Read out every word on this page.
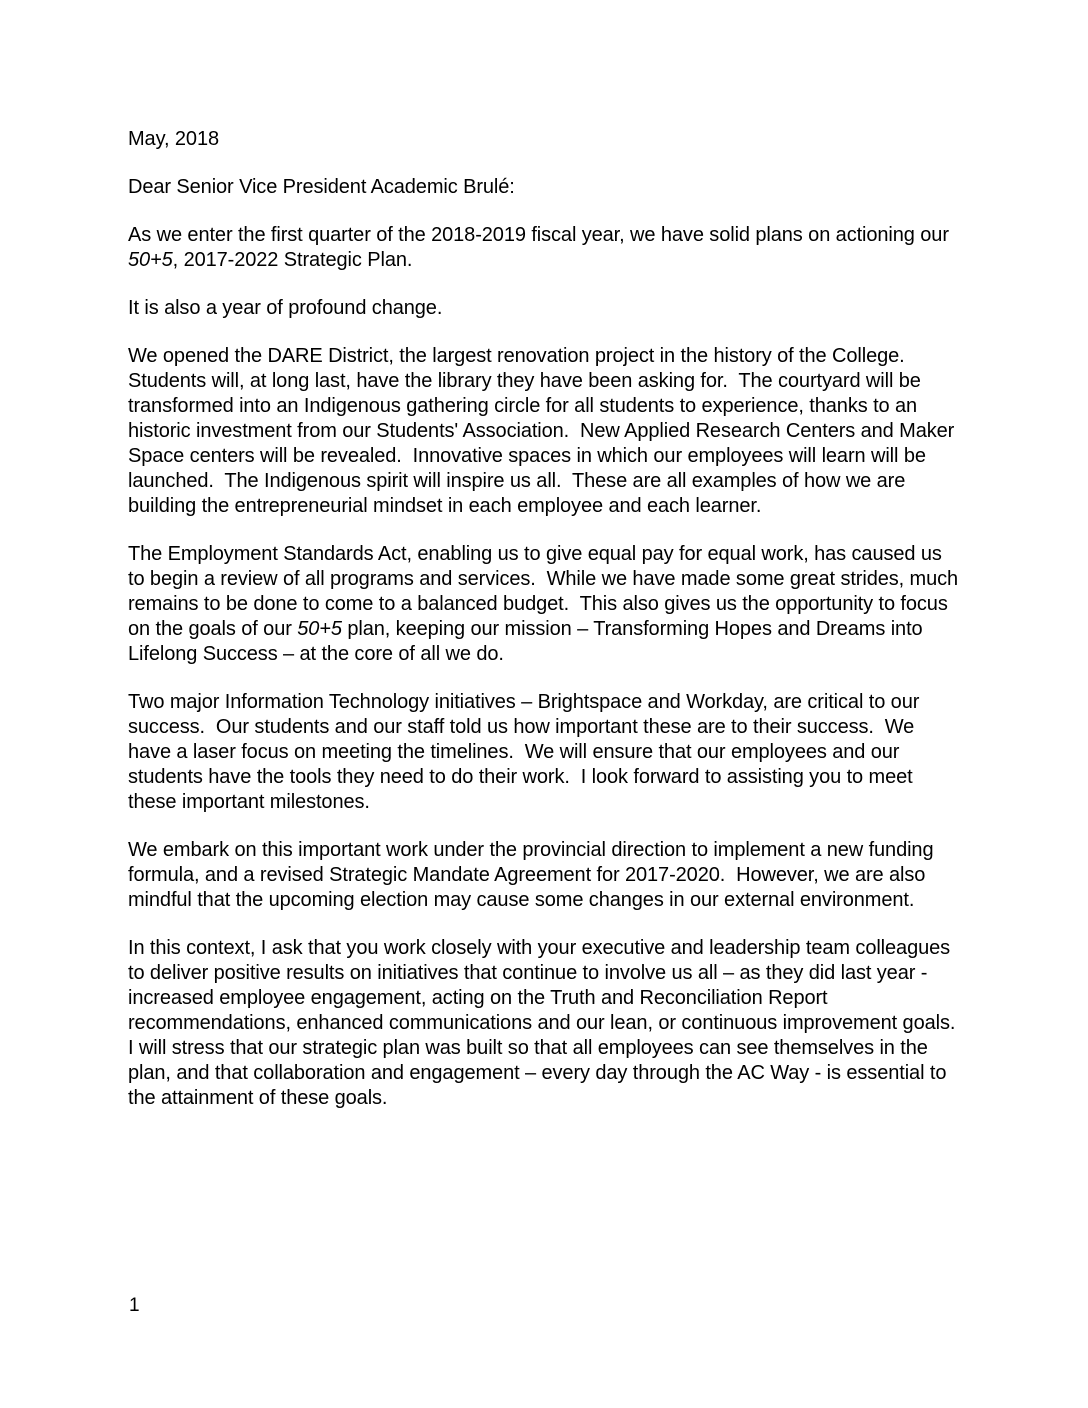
May, 2018

Dear Senior Vice President Academic Brulé:

As we enter the first quarter of the 2018-2019 fiscal year, we have solid plans on actioning our 50+5, 2017-2022 Strategic Plan.

It is also a year of profound change.

We opened the DARE District, the largest renovation project in the history of the College.  Students will, at long last, have the library they have been asking for.  The courtyard will be transformed into an Indigenous gathering circle for all students to experience, thanks to an historic investment from our Students' Association.  New Applied Research Centers and Maker Space centers will be revealed.  Innovative spaces in which our employees will learn will be launched.  The Indigenous spirit will inspire us all.  These are all examples of how we are building the entrepreneurial mindset in each employee and each learner.

The Employment Standards Act, enabling us to give equal pay for equal work, has caused us to begin a review of all programs and services.  While we have made some great strides, much remains to be done to come to a balanced budget.  This also gives us the opportunity to focus on the goals of our 50+5 plan, keeping our mission – Transforming Hopes and Dreams into Lifelong Success – at the core of all we do.

Two major Information Technology initiatives – Brightspace and Workday, are critical to our success.  Our students and our staff told us how important these are to their success.  We have a laser focus on meeting the timelines.  We will ensure that our employees and our students have the tools they need to do their work.  I look forward to assisting you to meet these important milestones.

We embark on this important work under the provincial direction to implement a new funding formula, and a revised Strategic Mandate Agreement for 2017-2020.  However, we are also mindful that the upcoming election may cause some changes in our external environment.

In this context, I ask that you work closely with your executive and leadership team colleagues to deliver positive results on initiatives that continue to involve us all – as they did last year - increased employee engagement, acting on the Truth and Reconciliation Report recommendations, enhanced communications and our lean, or continuous improvement goals.  I will stress that our strategic plan was built so that all employees can see themselves in the plan, and that collaboration and engagement – every day through the AC Way - is essential to the attainment of these goals.

1
